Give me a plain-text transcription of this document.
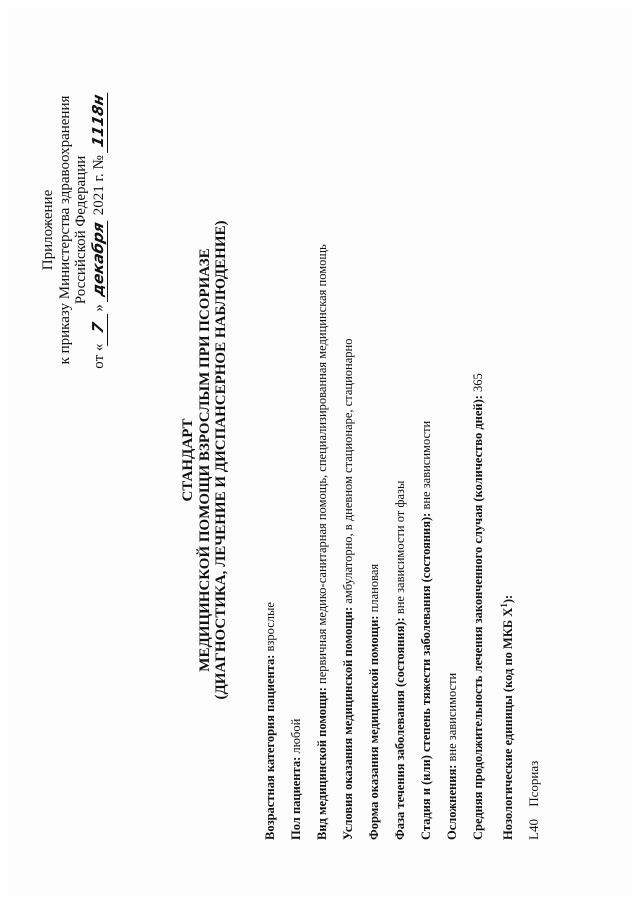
Приложение к приказу Министерства здравоохранения Российской Федерации
от «7» декабря 2021 г. № 1118н
СТАНДАРТ МЕДИЦИНСКОЙ ПОМОЩИ ВЗРОСЛЫМ ПРИ ПСОРИАЗЕ (ДИАГНОСТИКА, ЛЕЧЕНИЕ И ДИСПАНСЕРНОЕ НАБЛЮДЕНИЕ)
Возрастная категория пациента: взрослые
Пол пациента: любой Вид медицинской помощи: первичная медико-санитарная помощь, специализированная медицинская помощь
Условия оказания медицинской помощи: амбулаторно, в дневном стационаре, стационарно
Форма оказания медицинской помощи: плановая
Фаза течения заболевания (состояния): вне зависимости от фазы Стадия и (или) степень тяжести заболевания (состояния): вне зависимости
Осложнения: вне зависимости Средняя продолжительность лечения законченного случая (количество дней): 365
Нозологические единицы (код по МКБ $Х^1$):
L40 Псориаз
